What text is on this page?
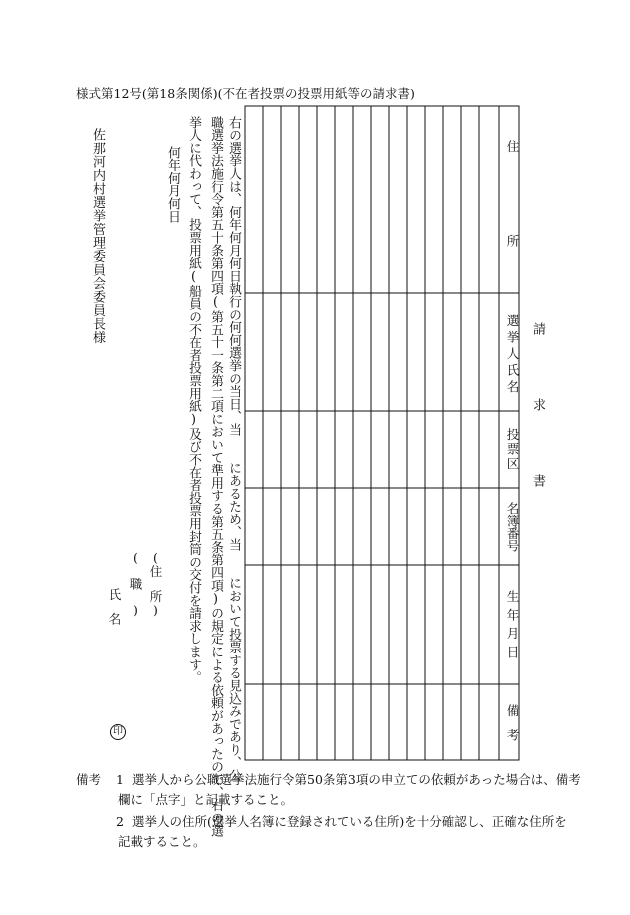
様式第12号(第18条関係)(不在者投票の投票用紙等の請求書)
請求書
佐那河内村選挙管理委員会委員長様	右の選挙人は、何年何月何日執行の何何選挙の当日、当　　にあるため、当　　において投票する見込みであり、公
職選挙法施行令第五十条第四項(第五十一条第二項において準用する第五条第四項)の規定による依頼があったので、右の選
挙人に代わって、投票用紙(船員の不在者投票用紙)及び不在者投票用封筒の交付を請求します。
何年何月何日
(住　所)
(　職　)
氏名
印
住所
選挙人氏名
投票区
名簿番号
生年月日
備考
備考 1 選挙人から公職選挙法施行令第50条第3項の申立ての依頼があった場合は、備考
欄に「点字」と記載すること。
2 選挙人の住所(選挙人名簿に登録されている住所)を十分確認し、正確な住所を
記載すること。
